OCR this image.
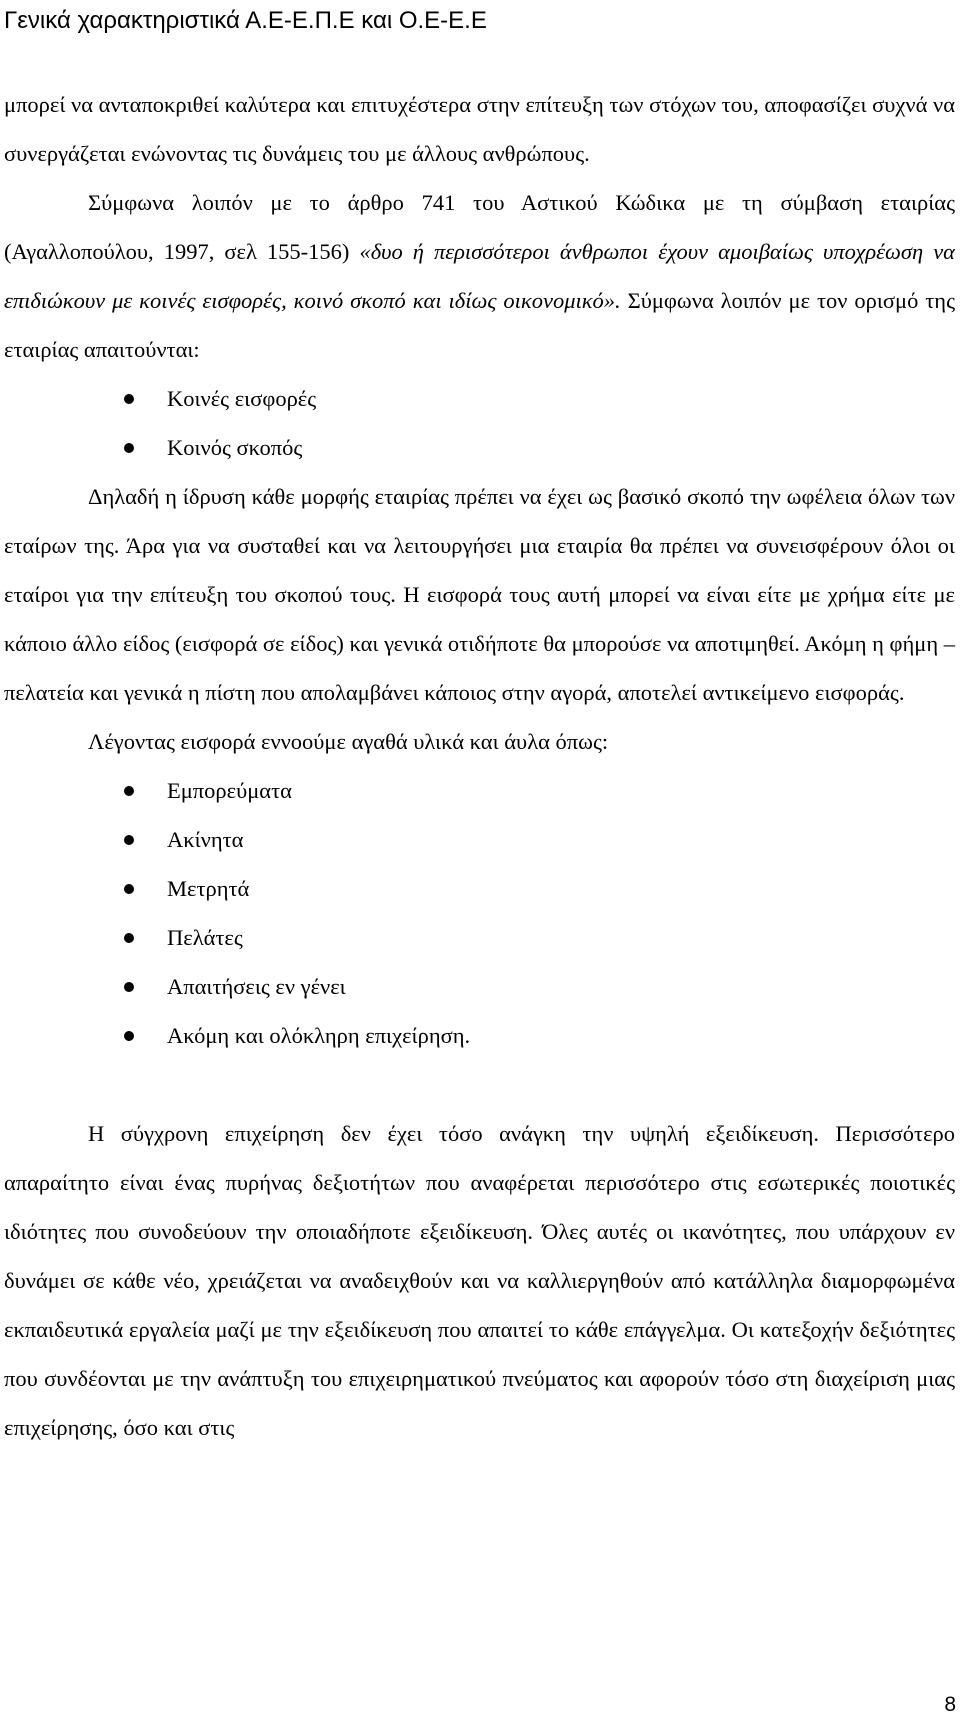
Γενικά χαρακτηριστικά Α.Ε-Ε.Π.Ε και Ο.Ε-Ε.Ε

μπορεί να ανταποκριθεί καλύτερα και επιτυχέστερα στην επίτευξη των στόχων του, αποφασίζει συχνά να συνεργάζεται ενώνοντας τις δυνάμεις του με άλλους ανθρώπους.

Σύμφωνα λοιπόν με το άρθρο 741 του Αστικού Κώδικα με τη σύμβαση εταιρίας (Αγαλλοπούλου, 1997, σελ 155-156) «δυο ή περισσότεροι άνθρωποι έχουν αμοιβαίως υποχρέωση να επιδιώκουν με κοινές εισφορές, κοινό σκοπό και ιδίως οικονομικό». Σύμφωνα λοιπόν με τον ορισμό της εταιρίας απαιτούνται:

Κοινές εισφορές
Κοινός σκοπός

Δηλαδή η ίδρυση κάθε μορφής εταιρίας πρέπει να έχει ως βασικό σκοπό την ωφέλεια όλων των εταίρων της. Άρα για να συσταθεί και να λειτουργήσει μια εταιρία θα πρέπει να συνεισφέρουν όλοι οι εταίροι για την επίτευξη του σκοπού τους. Η εισφορά τους αυτή μπορεί να είναι είτε με χρήμα είτε με κάποιο άλλο είδος (εισφορά σε είδος) και γενικά οτιδήποτε θα μπορούσε να αποτιμηθεί. Ακόμη η φήμη – πελατεία και γενικά η πίστη που απολαμβάνει κάποιος στην αγορά, αποτελεί αντικείμενο εισφοράς.

Λέγοντας εισφορά εννοούμε αγαθά υλικά και άυλα όπως:

Εμπορεύματα
Ακίνητα
Μετρητά
Πελάτες
Απαιτήσεις εν γένει
Ακόμη και ολόκληρη επιχείρηση.

Η σύγχρονη επιχείρηση δεν έχει τόσο ανάγκη την υψηλή εξειδίκευση. Περισσότερο απαραίτητο είναι ένας πυρήνας δεξιοτήτων που αναφέρεται περισσότερο στις εσωτερικές ποιοτικές ιδιότητες που συνοδεύουν την οποιαδήποτε εξειδίκευση. Όλες αυτές οι ικανότητες, που υπάρχουν εν δυνάμει σε κάθε νέο, χρειάζεται να αναδειχθούν και να καλλιεργηθούν από κατάλληλα διαμορφωμένα εκπαιδευτικά εργαλεία μαζί με την εξειδίκευση που απαιτεί το κάθε επάγγελμα. Οι κατεξοχήν δεξιότητες που συνδέονται με την ανάπτυξη του επιχειρηματικού πνεύματος και αφορούν τόσο στη διαχείριση μιας επιχείρησης, όσο και στις

8
